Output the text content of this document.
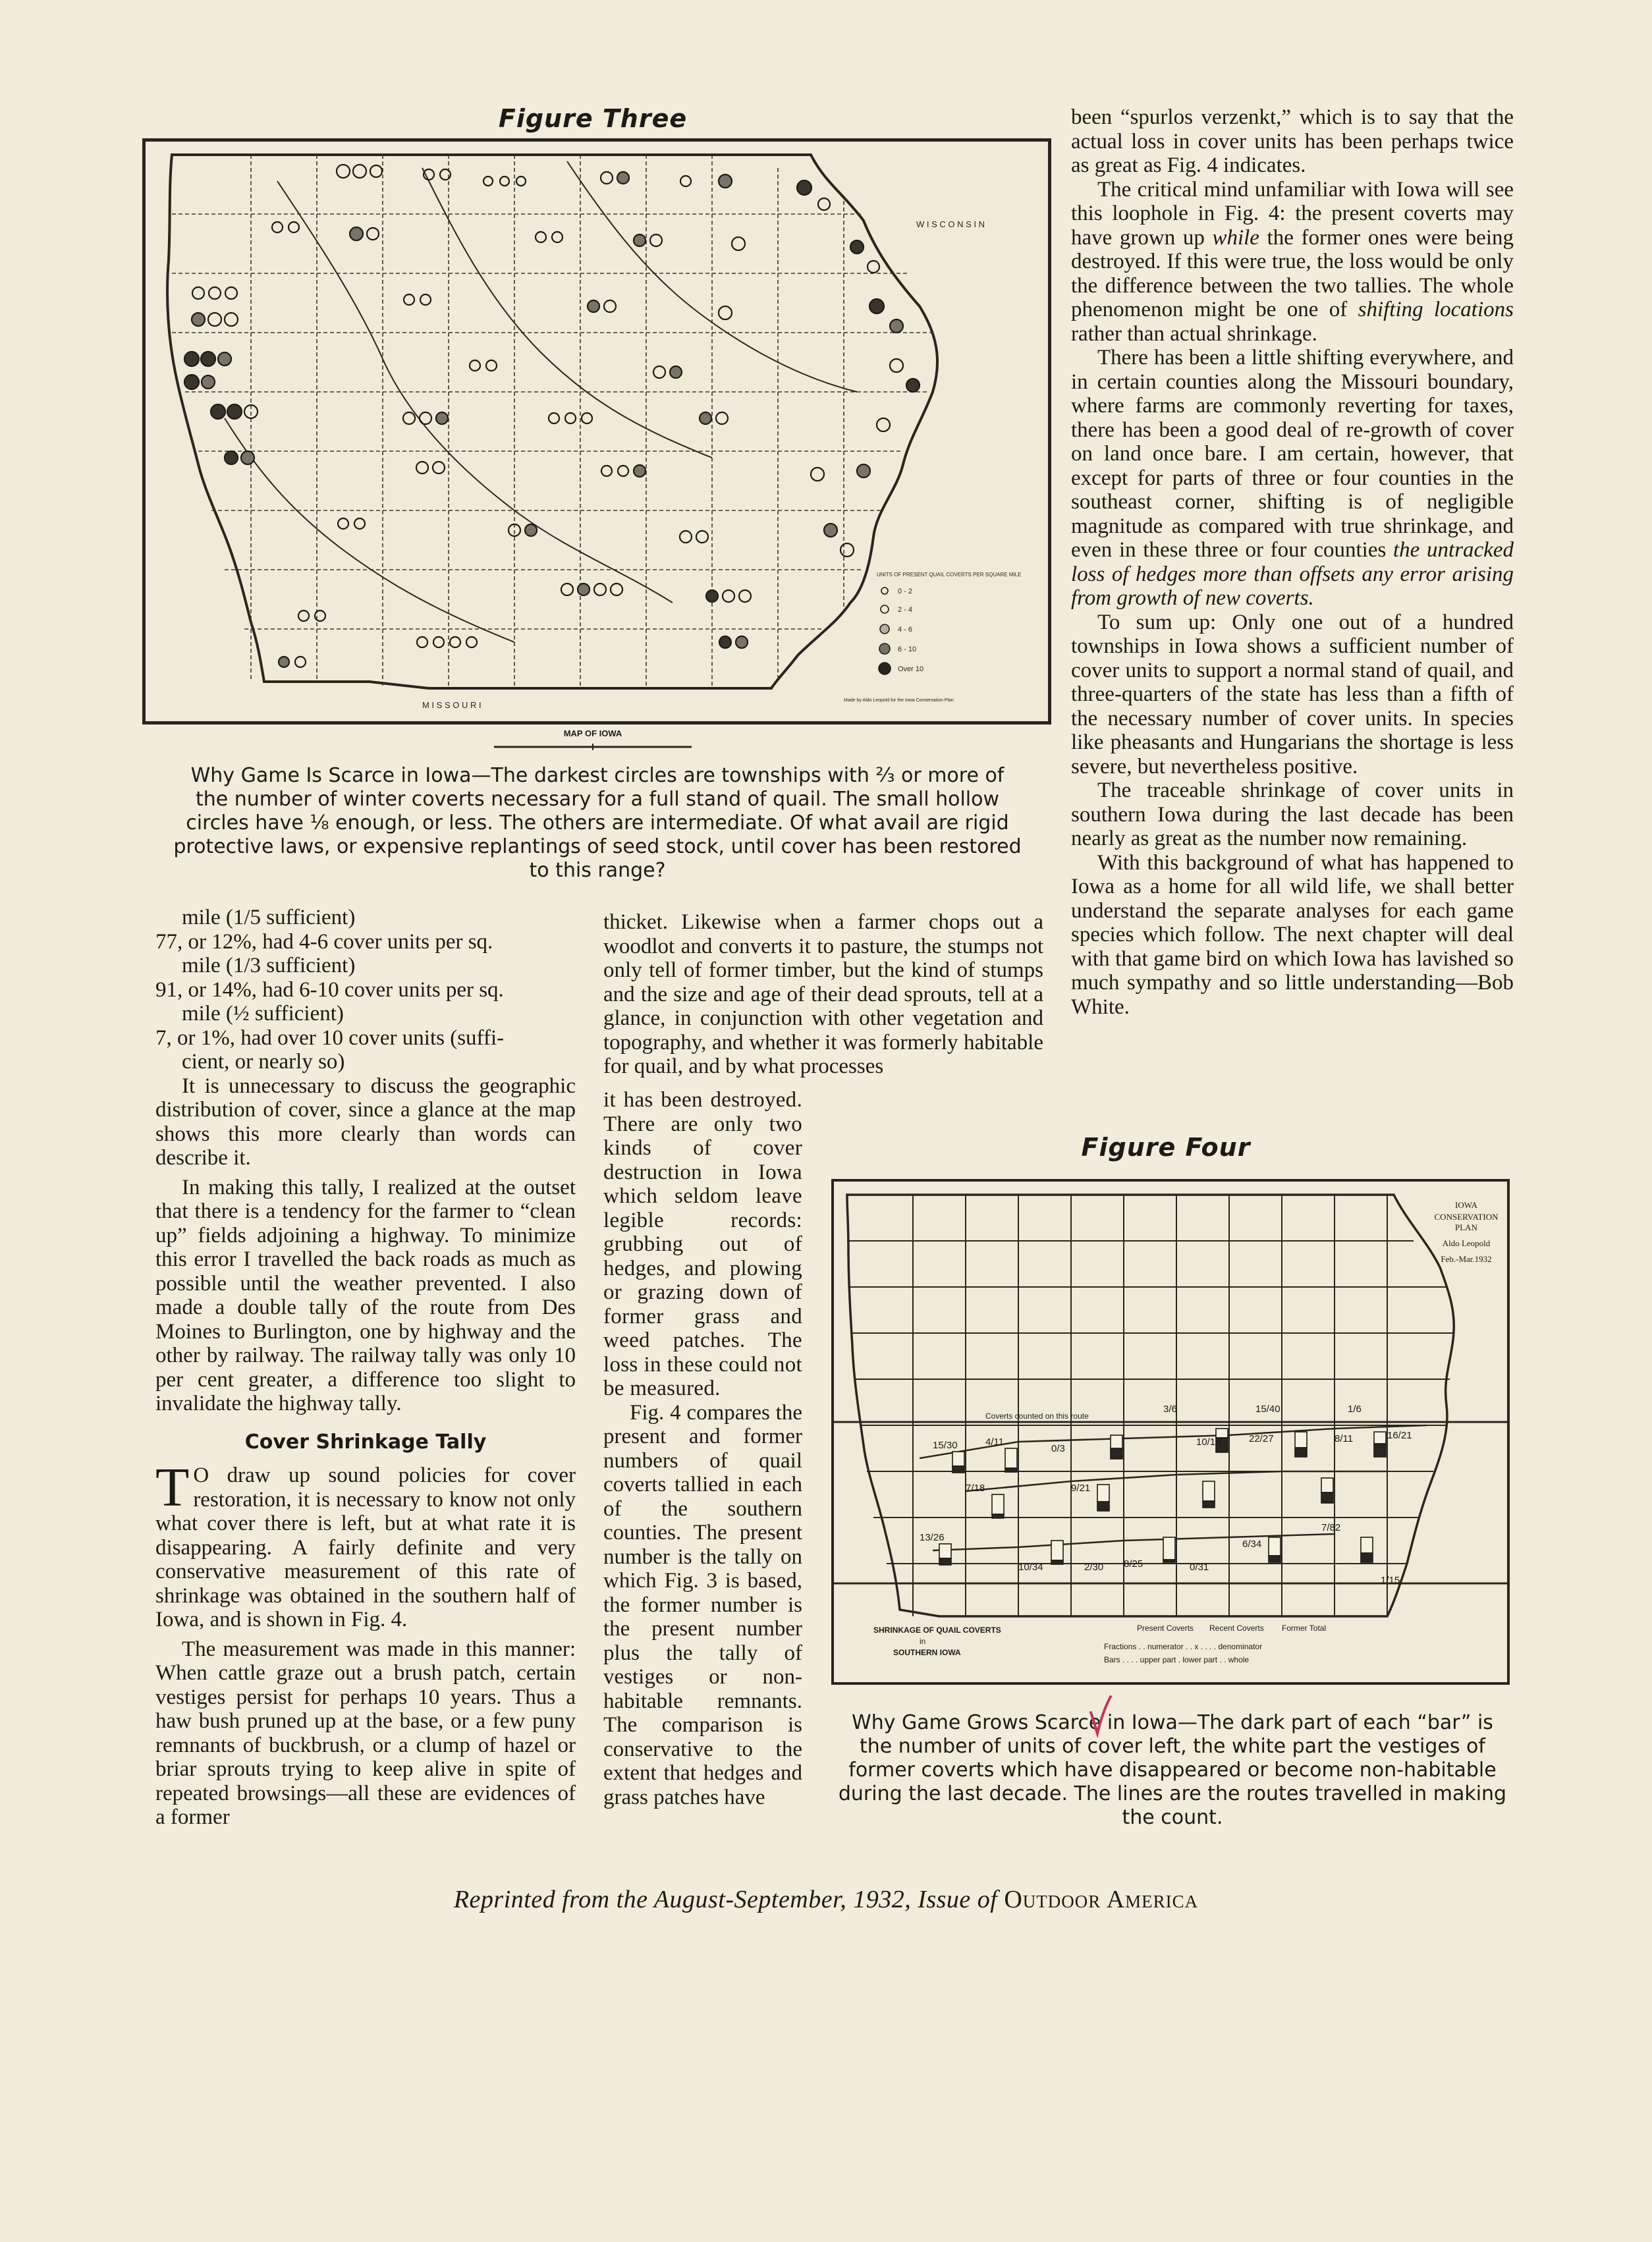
Figure Three
W I S C O N S I N
M I S S O U R I
UNITS OF PRESENT QUAIL COVERTS PER SQUARE MILE
0 - 2
2 - 4
4 - 6
6 - 10
Over 10
Made by Aldo Leopold for the Iowa Conservation Plan
MAP OF IOWA
Why Game Is Scarce in Iowa—The darkest circles are townships with ⅔ or more of the number of winter coverts necessary for a full stand of quail. The small hollow circles have ⅛ enough, or less. The others are intermediate. Of what avail are rigid protective laws, or expensive replantings of seed stock, until cover has been restored to this range?
mile (1/5 sufficient)
77, or 12%, had 4-6 cover units per sq.
mile (1/3 sufficient)
91, or 14%, had 6-10 cover units per sq.
mile (½ sufficient)
7, or 1%, had over 10 cover units (suffi-
cient, or nearly so)

It is unnecessary to discuss the geographic distribution of cover, since a glance at the map shows this more clearly than words can describe it.

In making this tally, I realized at the outset that there is a tendency for the farmer to “clean up” fields adjoining a highway. To minimize this error I travelled the back roads as much as possible until the weather prevented. I also made a double tally of the route from Des Moines to Burlington, one by highway and the other by railway. The railway tally was only 10 per cent greater, a difference too slight to invalidate the highway tally.

Cover Shrinkage Tally

T O draw up sound policies for cover restoration, it is necessary to know not only what cover there is left, but at what rate it is disappearing. A fairly definite and very conservative measurement of this rate of shrinkage was obtained in the southern half of Iowa, and is shown in Fig. 4.

The measurement was made in this manner: When cattle graze out a brush patch, certain vestiges persist for perhaps 10 years. Thus a haw bush pruned up at the base, or a few puny remnants of buckbrush, or a clump of hazel or briar sprouts trying to keep alive in spite of repeated browsings—all these are evidences of a former

thicket. Likewise when a farmer chops out a woodlot and converts it to pasture, the stumps not only tell of former timber, but the kind of stumps and the size and age of their dead sprouts, tell at a glance, in conjunction with other vegetation and topography, and whether it was formerly habitable for quail, and by what processes

it has been destroyed. There are only two kinds of cover destruction in Iowa which seldom leave legible records: grubbing out of hedges, and plowing or grazing down of former grass and weed patches. The loss in these could not be measured.

Fig. 4 compares the present and former numbers of quail coverts tallied in each of the southern counties. The present number is the tally on which Fig. 3 is based, the former number is the present number plus the tally of vestiges or non-habitable remnants. The comparison is conservative to the extent that hedges and grass patches have

been “spurlos verzenkt,” which is to say that the actual loss in cover units has been perhaps twice as great as Fig. 4 indicates.

The critical mind unfamiliar with Iowa will see this loophole in Fig. 4: the present coverts may have grown up while the former ones were being destroyed. If this were true, the loss would be only the difference between the two tallies. The whole phenomenon might be one of shifting locations rather than actual shrinkage.

There has been a little shifting everywhere, and in certain counties along the Missouri boundary, where farms are commonly reverting for taxes, there has been a good deal of re-growth of cover on land once bare. I am certain, however, that except for parts of three or four counties in the southeast corner, shifting is of negligible magnitude as compared with true shrinkage, and even in these three or four counties the untracked loss of hedges more than offsets any error arising from growth of new coverts.

To sum up: Only one out of a hundred townships in Iowa shows a sufficient number of cover units to support a normal stand of quail, and three-quarters of the state has less than a fifth of the necessary number of cover units. In species like pheasants and Hungarians the shortage is less severe, but nevertheless positive.

The traceable shrinkage of cover units in southern Iowa during the last decade has been nearly as great as the number now remaining.

With this background of what has happened to Iowa as a home for all wild life, we shall better understand the separate analyses for each game species which follow. The next chapter will deal with that game bird on which Iowa has lavished so much sympathy and so little understanding—Bob White.

Figure Four
15/30	4/11
0/3
3/6	15/40	1/6
10/14	22/27	8/11	16/21
7/18	9/21
13/26
10/34	2/30 8/25	0/31
6/34
7/82
1/15
Coverts counted on this route
IOWA
CONSERVATION
PLAN
Aldo Leopold
Feb.-Mar.1932
SHRINKAGE OF QUAIL COVERTS
in
SOUTHERN IOWA
Present Coverts Recent Coverts Former Total
Fractions . . numerator . . x . . . . denominator
Bars . . . . upper part . lower part . . whole
Why Game Grows Scarce in Iowa—The dark part of each “bar” is the number of units of cover left, the white part the vestiges of former coverts which have disappeared or become non-habitable during the last decade. The lines are the routes travelled in making the count.
Reprinted from the August-September, 1932, Issue of Outdoor America
